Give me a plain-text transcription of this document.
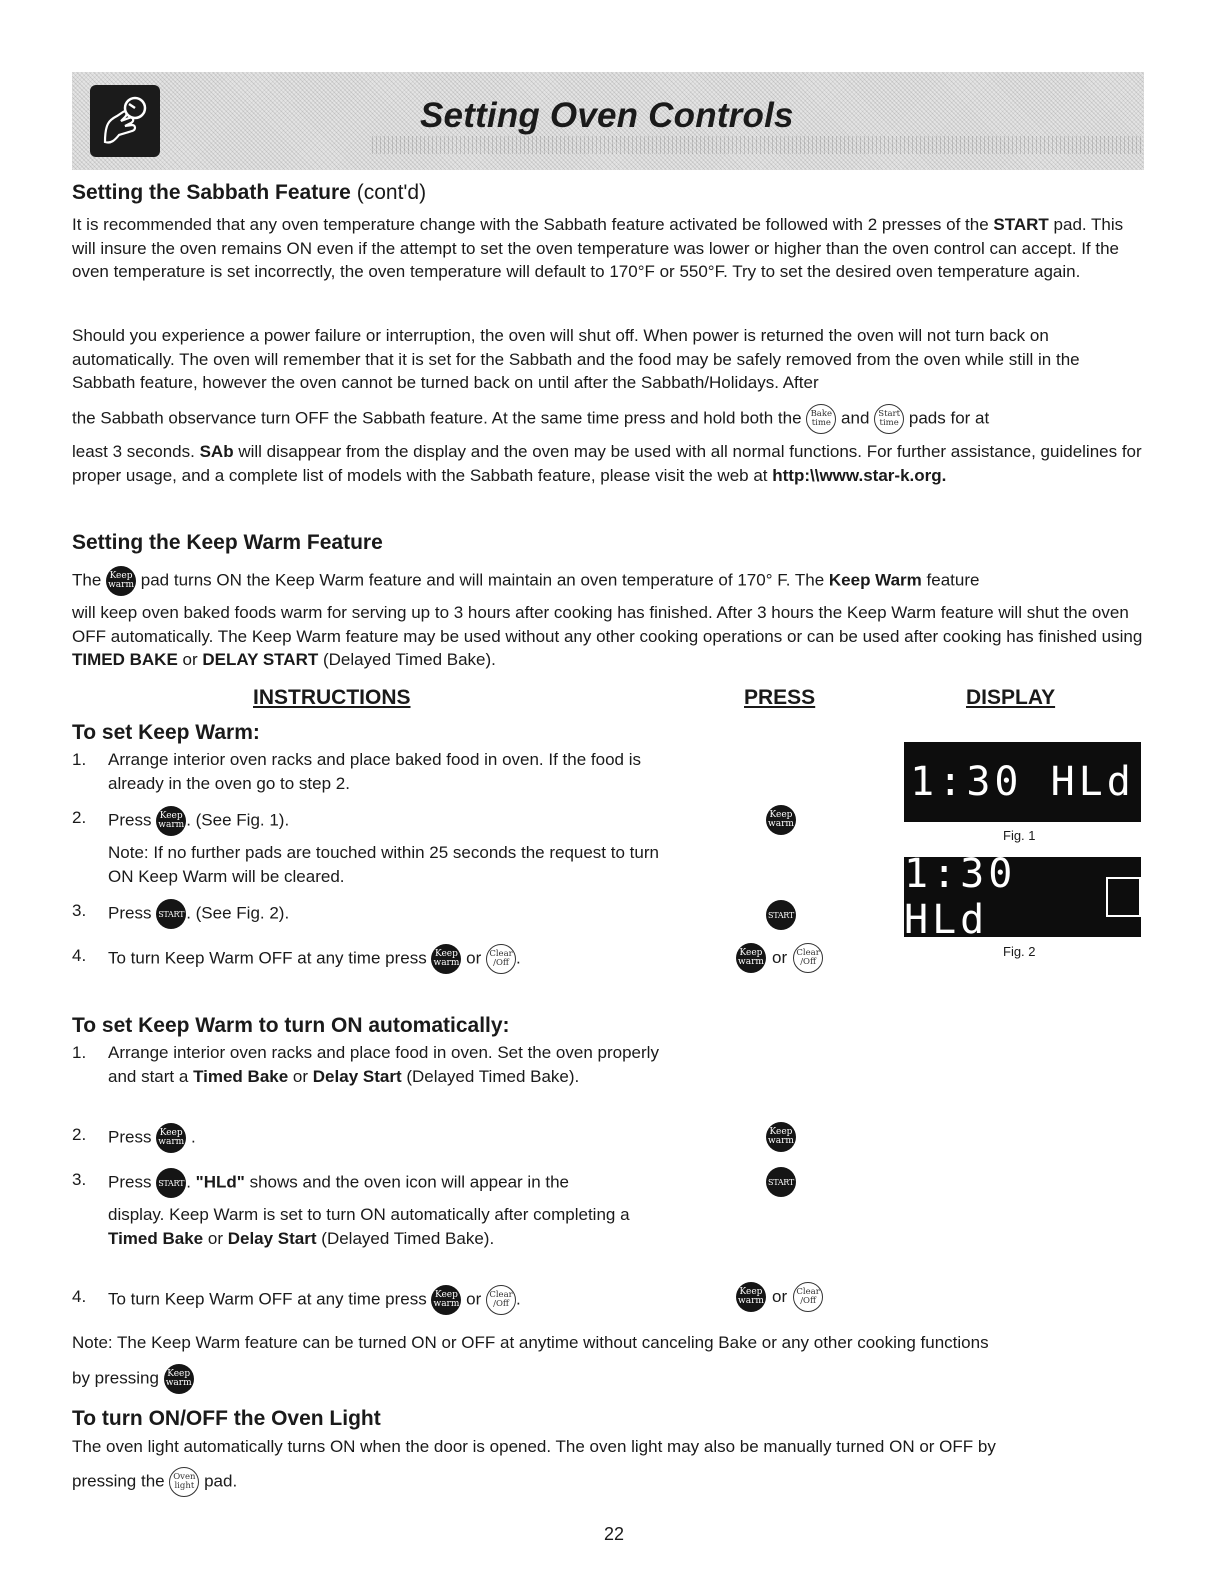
Setting Oven Controls
Setting the Sabbath Feature (cont'd)
It is recommended that any oven temperature change with the Sabbath feature activated be followed with 2 presses of the START pad. This will insure the oven remains ON even if the attempt to set the oven temperature was lower or higher than the oven control can accept. If the oven temperature is set incorrectly, the oven temperature will default to 170°F or 550°F. Try to set the desired oven temperature again.
Should you experience a power failure or interruption, the oven will shut off. When power is returned the oven will not turn back on automatically. The oven will remember that it is set for the Sabbath and the food may be safely removed from the oven while still in the Sabbath feature, however the oven cannot be turned back on until after the Sabbath/Holidays. After
the Sabbath observance turn OFF the Sabbath feature. At the same time press and hold both the Bake
time and Start
time pads for at
least 3 seconds. SAb will disappear from the display and the oven may be used with all normal functions. For further assistance, guidelines for proper usage, and a complete list of models with the Sabbath feature, please visit the web at http:\\www.star-k.org.
Setting the Keep Warm Feature
The Keep
warm pad turns ON the Keep Warm feature and will maintain an oven temperature of 170° F. The Keep Warm feature
will keep oven baked foods warm for serving up to 3 hours after cooking has finished. After 3 hours the Keep Warm feature will shut the oven OFF automatically. The Keep Warm feature may be used without any other cooking operations or can be used after cooking has finished using TIMED BAKE or DELAY START (Delayed Timed Bake).
INSTRUCTIONS	PRESS	DISPLAY
To set Keep Warm:
1. Arrange interior oven racks and place baked food in oven. If the food is already in the oven go to step 2.
2. Press Keep
warm . (See Fig. 1).
Note: If no further pads are touched within 25 seconds the request to turn ON Keep Warm will be cleared.
3. Press START . (See Fig. 2).
4. To turn Keep Warm OFF at any time press Keep
warm or Clear
/Off .
Keep
warm
START
Keep
warm or Clear
/Off
1:30 HLd
Fig. 1
1:30 HLd
Fig. 2
To set Keep Warm to turn ON automatically:
1. Arrange interior oven racks and place food in oven. Set the oven properly and start a Timed Bake or Delay Start (Delayed Timed Bake).
2. Press Keep
warm .
3. Press START . "HLd" shows and the oven icon will appear in the
display. Keep Warm is set to turn ON automatically after completing a Timed Bake or Delay Start (Delayed Timed Bake).
4. To turn Keep Warm OFF at any time press Keep
warm or Clear
/Off .
Keep
warm
START
Keep
warm or Clear
/Off
Note: The Keep Warm feature can be turned ON or OFF at anytime without canceling Bake or any other cooking functions
by pressing Keep
warm
To turn ON/OFF the Oven Light
The oven light automatically turns ON when the door is opened. The oven light may also be manually turned ON or OFF by
pressing the Oven
light pad.
22
